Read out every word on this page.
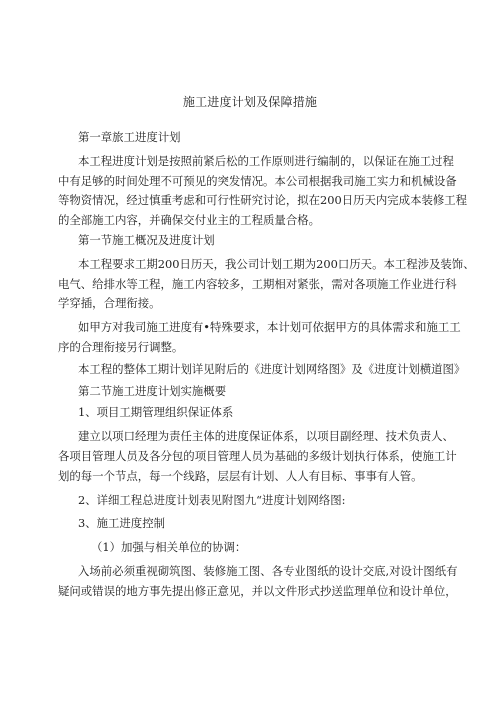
施工进度计划及保障措施

第一章旅工进度计划

本工程进度计划是按照前紧后松的工作原则进行编制的，以保证在施工过程

中有足够的时间处理不可预见的突发情况。本公司根据我司施工实力和机械设备

等物资情况，经过慎重考虑和可行性研究讨论，拟在200日历天内完成本装修工程

的全部施工内容，并确保交付业主的工程质量合格。

第一节施工概况及进度计划

本工程要求工期200日历天，我公司计划工期为200口历天。本工程涉及装饰、

电气、给排水等工程，施工内容较多，工期相对紧张，需对各项施工作业进行科

学穿插，合理衔接。

如甲方对我司施工进度有•特殊要求，本计划可依据甲方的具体需求和施工工

序的合理衔接另行调整。

本工程的整体工期计划详见附后的《进度计划网络图》及《进度计划横道图》

第二节施工进度计划实施概要

1、项目工期管理组织保证体系

建立以项口经理为责任主体的进度保证体系，以项目副经理、技术负责人、

各项目管理人员及各分包的项目管理人员为基础的多级计划执行体系，使施工计

划的每一个节点，每一个线路，层层有计划、人人有目标、事事有人管。

2、详细工程总进度计划表见附图九“进度计划网络图:

3、施工进度控制

（1）加强与相关单位的协调：

入场前必须重视砌筑图、装修施工图、各专业图纸的设计交底,对设计图纸有

疑问或错误的地方事先提出修正意见，并以文件形式抄送监理单位和设计单位，
